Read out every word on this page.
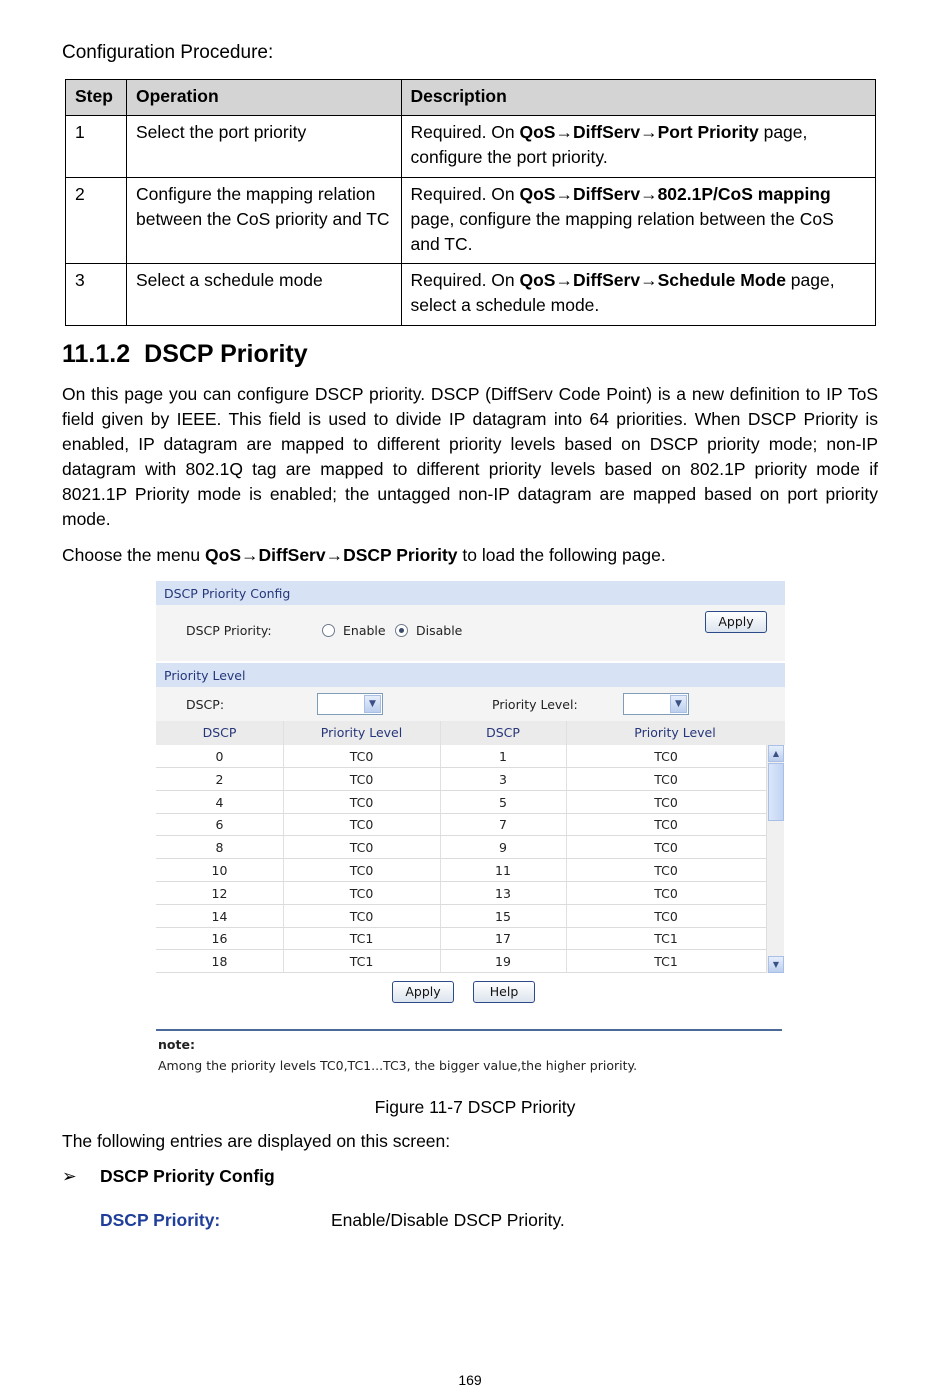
Configuration Procedure:
Step	Operation	Description
1	Select the port priority	Required. On QoS→DiffServ→Port Priority page, configure the port priority.
2	Configure the mapping relation between the CoS priority and TC	Required. On QoS→DiffServ→802.1P/CoS mapping page, configure the mapping relation between the CoS and TC.
3	Select a schedule mode	Required. On QoS→DiffServ→Schedule Mode page, select a schedule mode.
11.1.2 DSCP Priority
On this page you can configure DSCP priority. DSCP (DiffServ Code Point) is a new definition to IP ToS field given by IEEE. This field is used to divide IP datagram into 64 priorities. When DSCP Priority is enabled, IP datagram are mapped to different priority levels based on DSCP priority mode; non-IP datagram with 802.1Q tag are mapped to different priority levels based on 802.1P priority mode if 8021.1P Priority mode is enabled; the untagged non-IP datagram are mapped based on port priority mode.
Choose the menu QoS→DiffServ→DSCP Priority to load the following page.
DSCP Priority Config
DSCP Priority:	Enable Disable
Apply
Priority Level
DSCP:	▼	Priority Level:	▼
DSCP	Priority Level	DSCP	Priority Level
0	TC0	1	TC0
2	TC0	3	TC0
4	TC0	5	TC0
6	TC0	7	TC0
8	TC0	9	TC0
10	TC0	11	TC0
12	TC0	13	TC0
14	TC0	15	TC0
16	TC1	17	TC1
18	TC1	19	TC1
▲
▼
Apply	Help
note:
Among the priority levels TC0,TC1...TC3, the bigger value,the higher priority.
Figure 11-7 DSCP Priority
The following entries are displayed on this screen:
➢ DSCP Priority Config
DSCP Priority:	Enable/Disable DSCP Priority.
169
